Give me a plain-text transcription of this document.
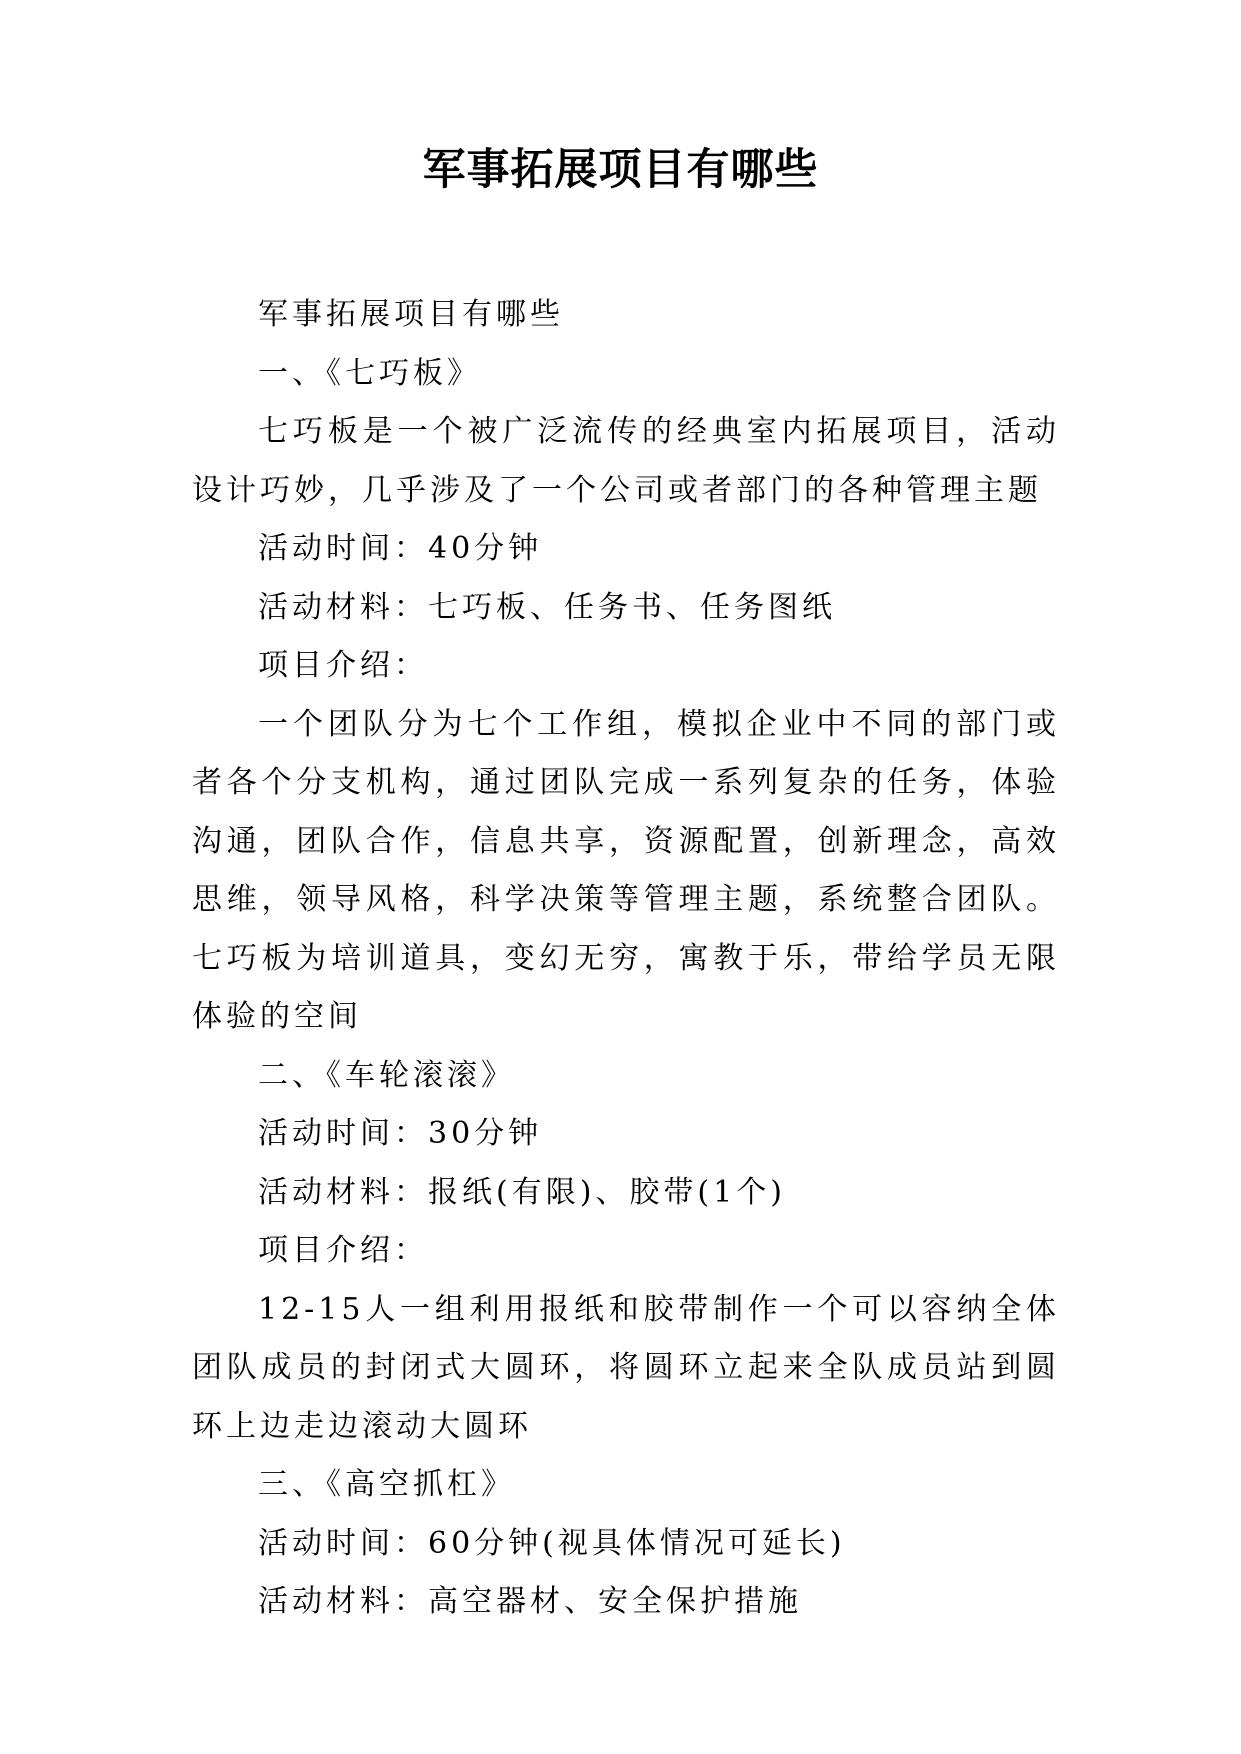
军事拓展项目有哪些

军事拓展项目有哪些

一、《七巧板》

七巧板是一个被广泛流传的经典室内拓展项目，活动设计巧妙，几乎涉及了一个公司或者部门的各种管理主题

活动时间：40分钟

活动材料：七巧板、任务书、任务图纸

项目介绍：

一个团队分为七个工作组，模拟企业中不同的部门或者各个分支机构，通过团队完成一系列复杂的任务，体验沟通，团队合作，信息共享，资源配置，创新理念，高效思维，领导风格，科学决策等管理主题，系统整合团队。七巧板为培训道具，变幻无穷，寓教于乐，带给学员无限体验的空间

二、《车轮滚滚》

活动时间：30分钟

活动材料：报纸(有限)、胶带(1个)

项目介绍：

12-15人一组利用报纸和胶带制作一个可以容纳全体团队成员的封闭式大圆环，将圆环立起来全队成员站到圆环上边走边滚动大圆环

三、《高空抓杠》

活动时间：60分钟(视具体情况可延长)

活动材料：高空器材、安全保护措施
